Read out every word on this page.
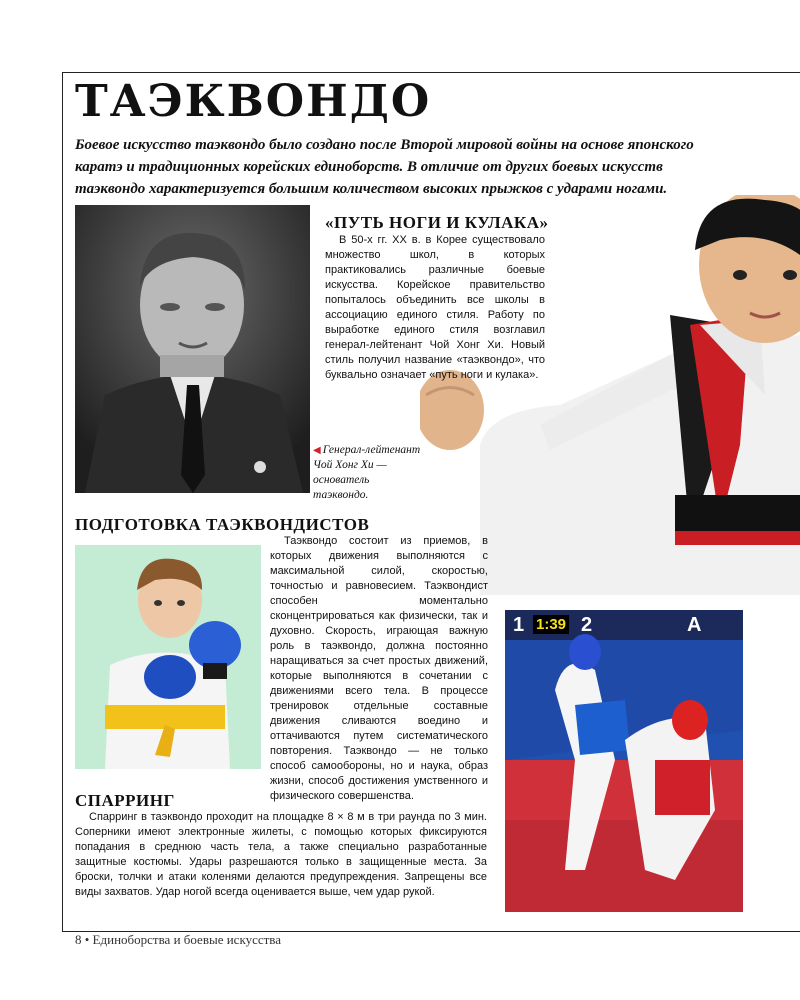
ТАЭКВОНДО

Боевое искусство таэквондо было создано после Второй мировой войны на основе японского каратэ и традиционных корейских единоборств. В отличие от других боевых искусств таэквондо характеризуется большим количеством высоких прыжков с ударами ногами.

«ПУТЬ НОГИ И КУЛАКА»

В 50-х гг. XX в. в Корее существовало множество школ, в которых практиковались различные боевые искусства. Корейское правительство попыталось объединить все школы в ассоциацию единого стиля. Работу по выработке единого стиля возглавил генерал-лейтенант Чой Хонг Хи. Новый стиль получил название «таэквондо», что буквально означает «путь ноги и кулака».

◀ Генерал-лейтенант Чой Хонг Хи — основатель таэквондо.

ПОДГОТОВКА ТАЭКВОНДИСТОВ

Таэквондо состоит из приемов, в которых движения выполняются с максимальной силой, скоростью, точностью и равновесием. Таэквондист способен моментально сконцентрироваться как физически, так и духовно. Скорость, играющая важную роль в таэквондо, должна постоянно наращиваться за счет простых движений, которые выполняются в сочетании с движениями всего тела. В процессе тренировок отдельные составные движения сливаются воедино и оттачиваются путем систематического повторения. Таэквондо — не только способ самообороны, но и наука, образ жизни, способ достижения умственного и физического совершенства.

1 1:39 2	A
СПАРРИНГ

Спарринг в таэквондо проходит на площадке 8 × 8 м в три раунда по 3 мин. Соперники имеют электронные жилеты, с помощью которых фиксируются попадания в среднюю часть тела, а также специально разработанные защитные костюмы. Удары разрешаются только в защищенные места. За броски, толчки и атаки коленями делаются предупреждения. Запрещены все виды захватов. Удар ногой всегда оценивается выше, чем удар рукой.

8 • Единоборства и боевые искусства
